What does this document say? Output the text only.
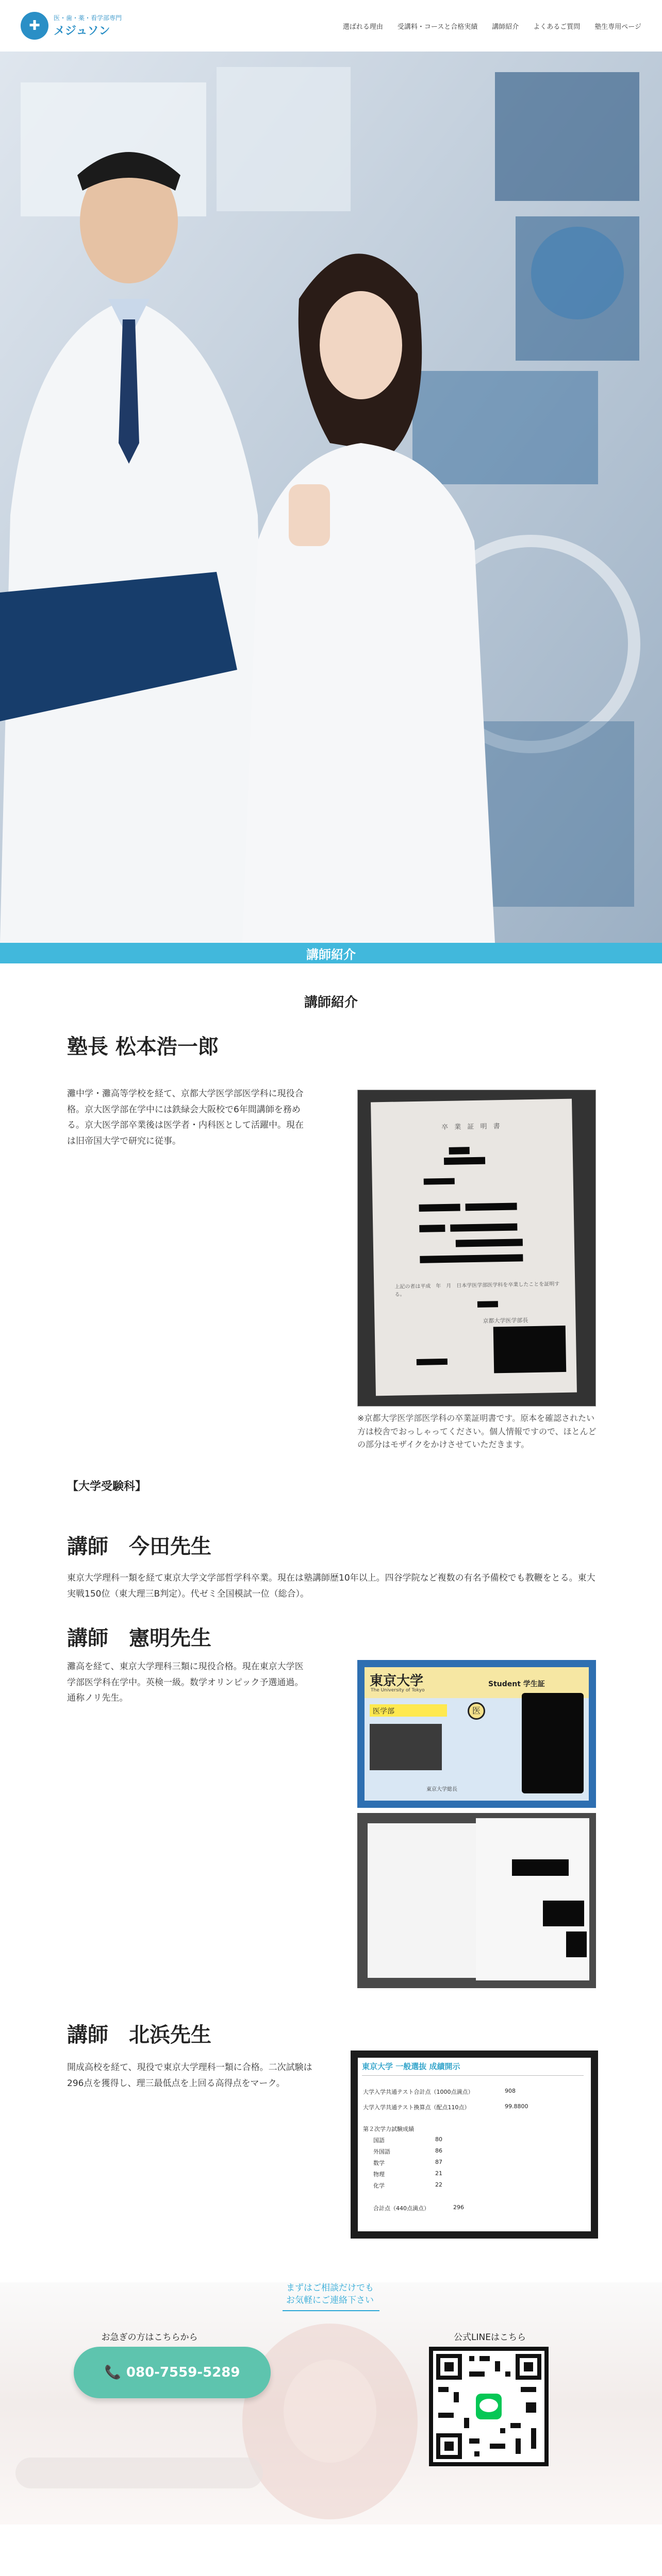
✚	医・歯・薬・看学部専門
メジュソン	選ばれる理由 受講料・コースと合格実績 講師紹介 よくあるご質問 塾生専用ページ
講師紹介
講師紹介
塾長 松本浩一郎
灘中学・灘高等学校を経て、京都大学医学部医学科に現役合格。京大医学部在学中には鉄緑会大阪校で6年間講師を務める。京大医学部卒業後は医学者・内科医として活躍中。現在は旧帝国大学で研究に従事。
卒 業 証 明 書
上記の者は平成　年　月　日本学医学部医学科を卒業したことを証明する。
京都大学医学部長
※京都大学医学部医学科の卒業証明書です。原本を確認されたい方は校舎でおっしゃってください。個人情報ですので、ほとんどの部分はモザイクをかけさせていただきます。
【大学受験科】
講師　今田先生
東京大学理科一類を経て東京大学文学部哲学科卒業。現在は塾講師歴10年以上。四谷学院など複数の有名予備校でも教鞭をとる。東大実戦150位（東大理三B判定）。代ゼミ全国模試一位（総合）。
講師　憲明先生
灘高を経て、東京大学理科三類に現役合格。現在東京大学医学部医学科在学中。英検一級。数学オリンピック予選通過。通称ノリ先生。
東京大学
The University of Tokyo
Student 学生証
医学部	医
東京大学総長
講師　北浜先生
開成高校を経て、現役で東京大学理科一類に合格。二次試験は296点を獲得し、理三最低点を上回る高得点をマーク。
東京大学 一般選抜 成績開示
大学入学共通テスト合計点（1000点満点）	908
大学入学共通テスト換算点（配点110点）	99.8800
第２次学力試験成績
国語	80
外国語	86
数学	87
物理	21
化学	22
合計点（440点満点）	296
まずはご相談だけでも
お気軽にご連絡下さい
お急ぎの方はこちらから
📞 080-7559-5289
公式LINEはこちら
